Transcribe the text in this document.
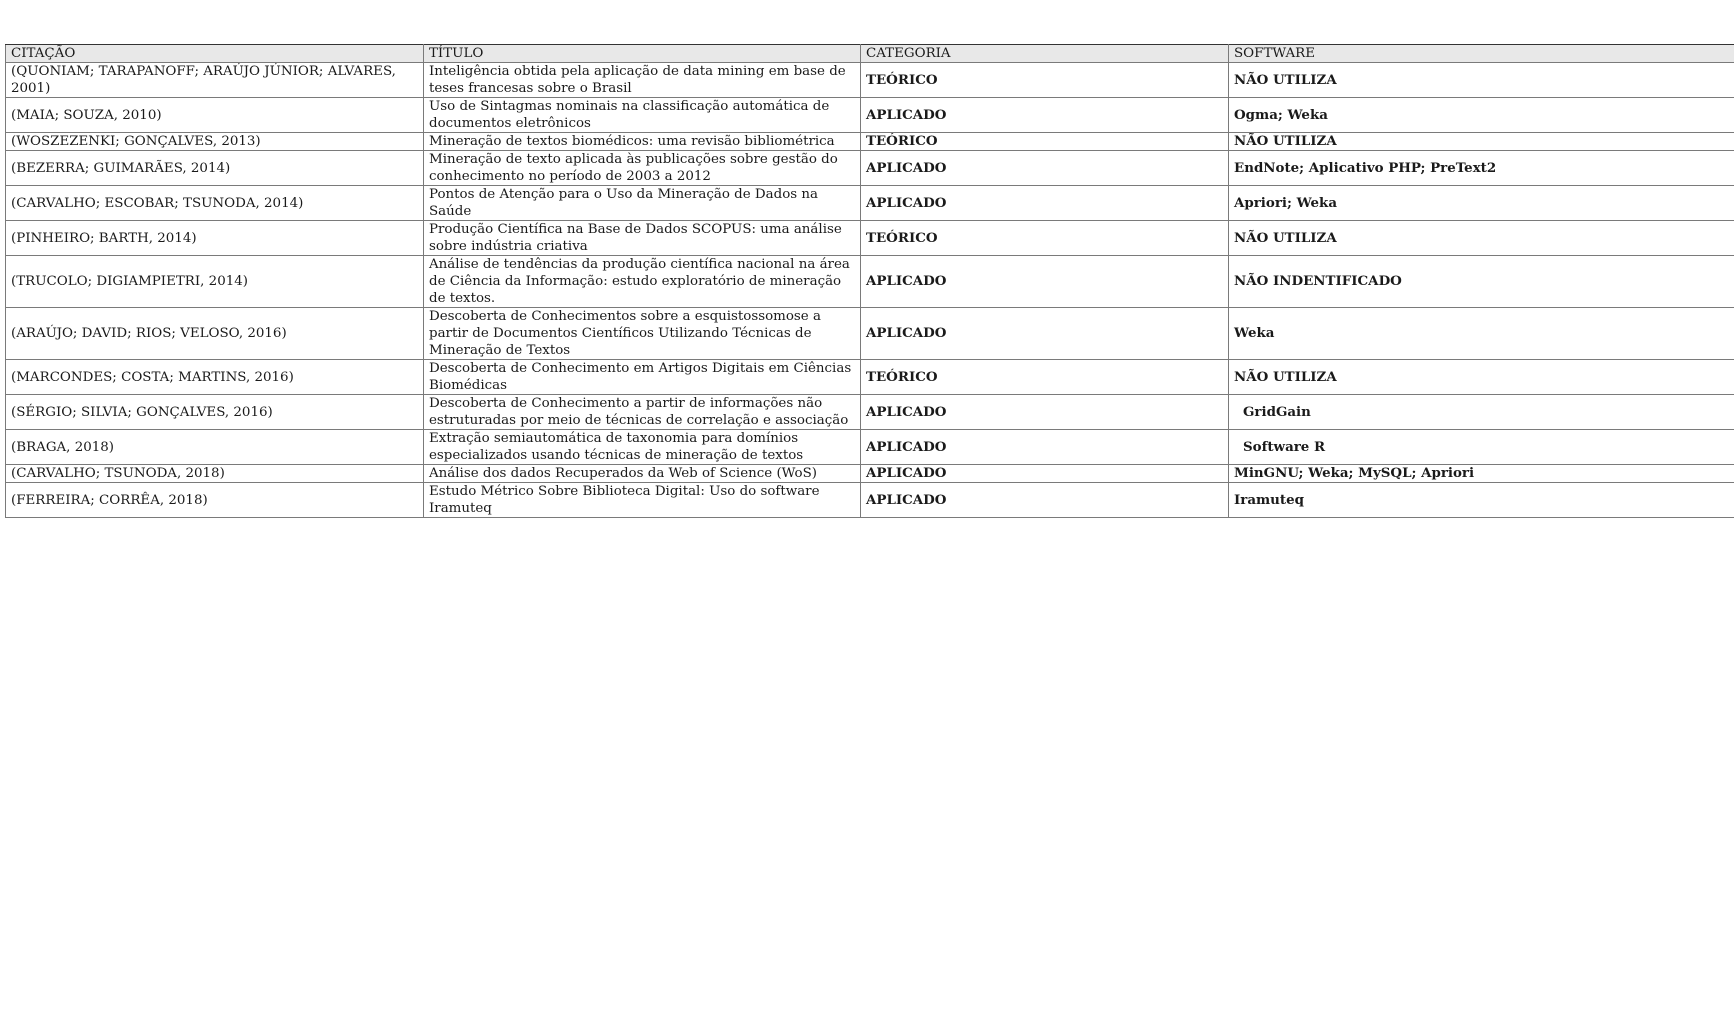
CITAÇÃO	TÍTULO	CATEGORIA	SOFTWARE
(QUONIAM; TARAPANOFF; ARAÚJO JÚNIOR; ALVARES, 2001)	Inteligência obtida pela aplicação de data mining em base de teses francesas sobre o Brasil	TEÓRICO	NÃO UTILIZA
(MAIA; SOUZA, 2010)	Uso de Sintagmas nominais na classificação automática de documentos eletrônicos	APLICADO	Ogma; Weka
(WOSZEZENKI; GONÇALVES, 2013)	Mineração de textos biomédicos: uma revisão bibliométrica	TEÓRICO	NÃO UTILIZA
(BEZERRA; GUIMARÃES, 2014)	Mineração de texto aplicada às publicações sobre gestão do conhecimento no período de 2003 a 2012	APLICADO	EndNote; Aplicativo PHP; PreText2
(CARVALHO; ESCOBAR; TSUNODA, 2014)	Pontos de Atenção para o Uso da Mineração de Dados na Saúde	APLICADO	Apriori; Weka
(PINHEIRO; BARTH, 2014)	Produção Científica na Base de Dados SCOPUS: uma análise sobre indústria criativa	TEÓRICO	NÃO UTILIZA
(TRUCOLO; DIGIAMPIETRI, 2014)	Análise de tendências da produção científica nacional na área de Ciência da Informação: estudo exploratório de mineração de textos.	APLICADO	NÃO INDENTIFICADO
(ARAÚJO; DAVID; RIOS; VELOSO, 2016)	Descoberta de Conhecimentos sobre a esquistossomose a partir de Documentos Científicos Utilizando Técnicas de Mineração de Textos	APLICADO	Weka
(MARCONDES; COSTA; MARTINS, 2016)	Descoberta de Conhecimento em Artigos Digitais em Ciências Biomédicas	TEÓRICO	NÃO UTILIZA
(SÉRGIO; SILVIA; GONÇALVES, 2016)	Descoberta de Conhecimento a partir de informações não estruturadas por meio de técnicas de correlação e associação	APLICADO	GridGain
(BRAGA, 2018)	Extração semiautomática de taxonomia para domínios especializados usando técnicas de mineração de textos	APLICADO	Software R
(CARVALHO; TSUNODA, 2018)	Análise dos dados Recuperados da Web of Science (WoS)	APLICADO	MinGNU; Weka; MySQL; Apriori
(FERREIRA; CORRÊA, 2018)	Estudo Métrico Sobre Biblioteca Digital: Uso do software Iramuteq	APLICADO	Iramuteq
